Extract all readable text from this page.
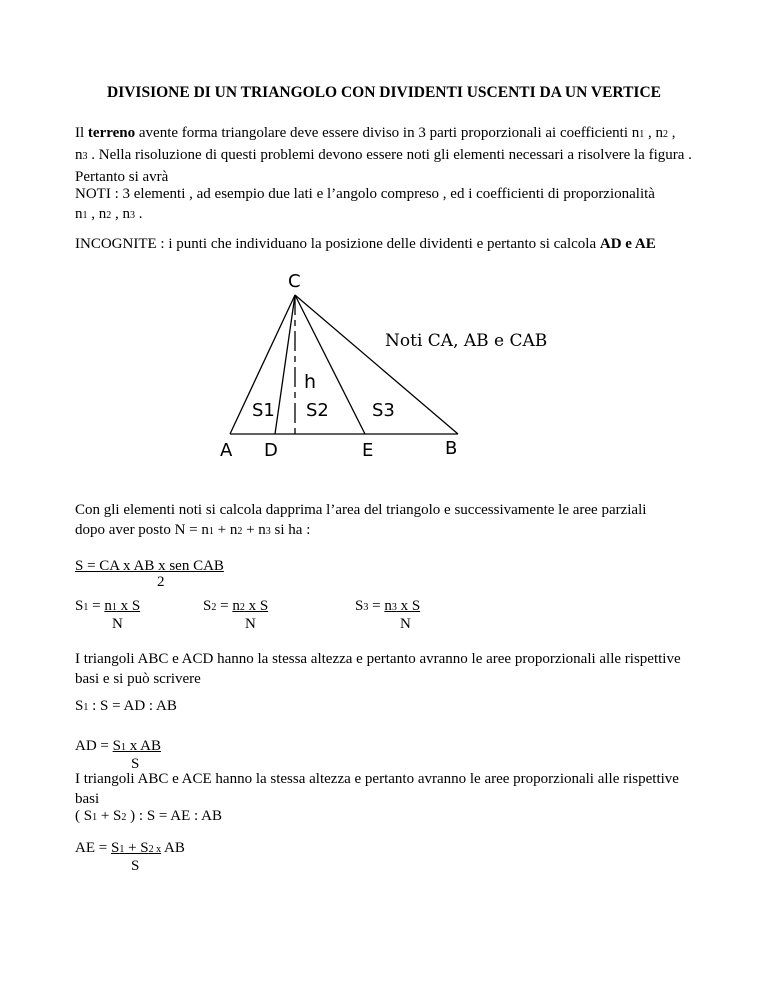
DIVISIONE DI UN TRIANGOLO CON DIVIDENTI USCENTI DA UN VERTICE
Il terreno avente forma triangolare deve essere diviso in 3 parti proporzionali ai coefficienti n1 , n2 ,
n3 . Nella risoluzione di questi problemi devono essere noti gli elementi necessari a risolvere la figura . Pertanto si avrà
NOTI : 3 elementi , ad esempio due lati e l’angolo compreso , ed i coefficienti di proporzionalità
n1 , n2 , n3 .
INCOGNITE : i punti che individuano la posizione delle dividenti e pertanto si calcola AD e AE
C
A D	E	B
h
S1 S2 S3
Noti CA, AB e CAB
Con gli elementi noti si calcola dapprima l’area del triangolo e successivamente le aree parziali
dopo aver posto N = n1 + n2 + n3 si ha :
S = CA x AB x sen CAB
2
S1 = n1 x S
N
S2 = n2 x S
N
S3 = n3 x S
N
I triangoli ABC e ACD hanno la stessa altezza e pertanto avranno le aree proporzionali alle rispettive basi e si può scrivere
S1 : S = AD : AB
AD = S1 x AB
S
I triangoli ABC e ACE hanno la stessa altezza e pertanto avranno le aree proporzionali alle rispettive basi
( S1 + S2 ) : S = AE : AB
AE = S1 + S2 x AB
S
